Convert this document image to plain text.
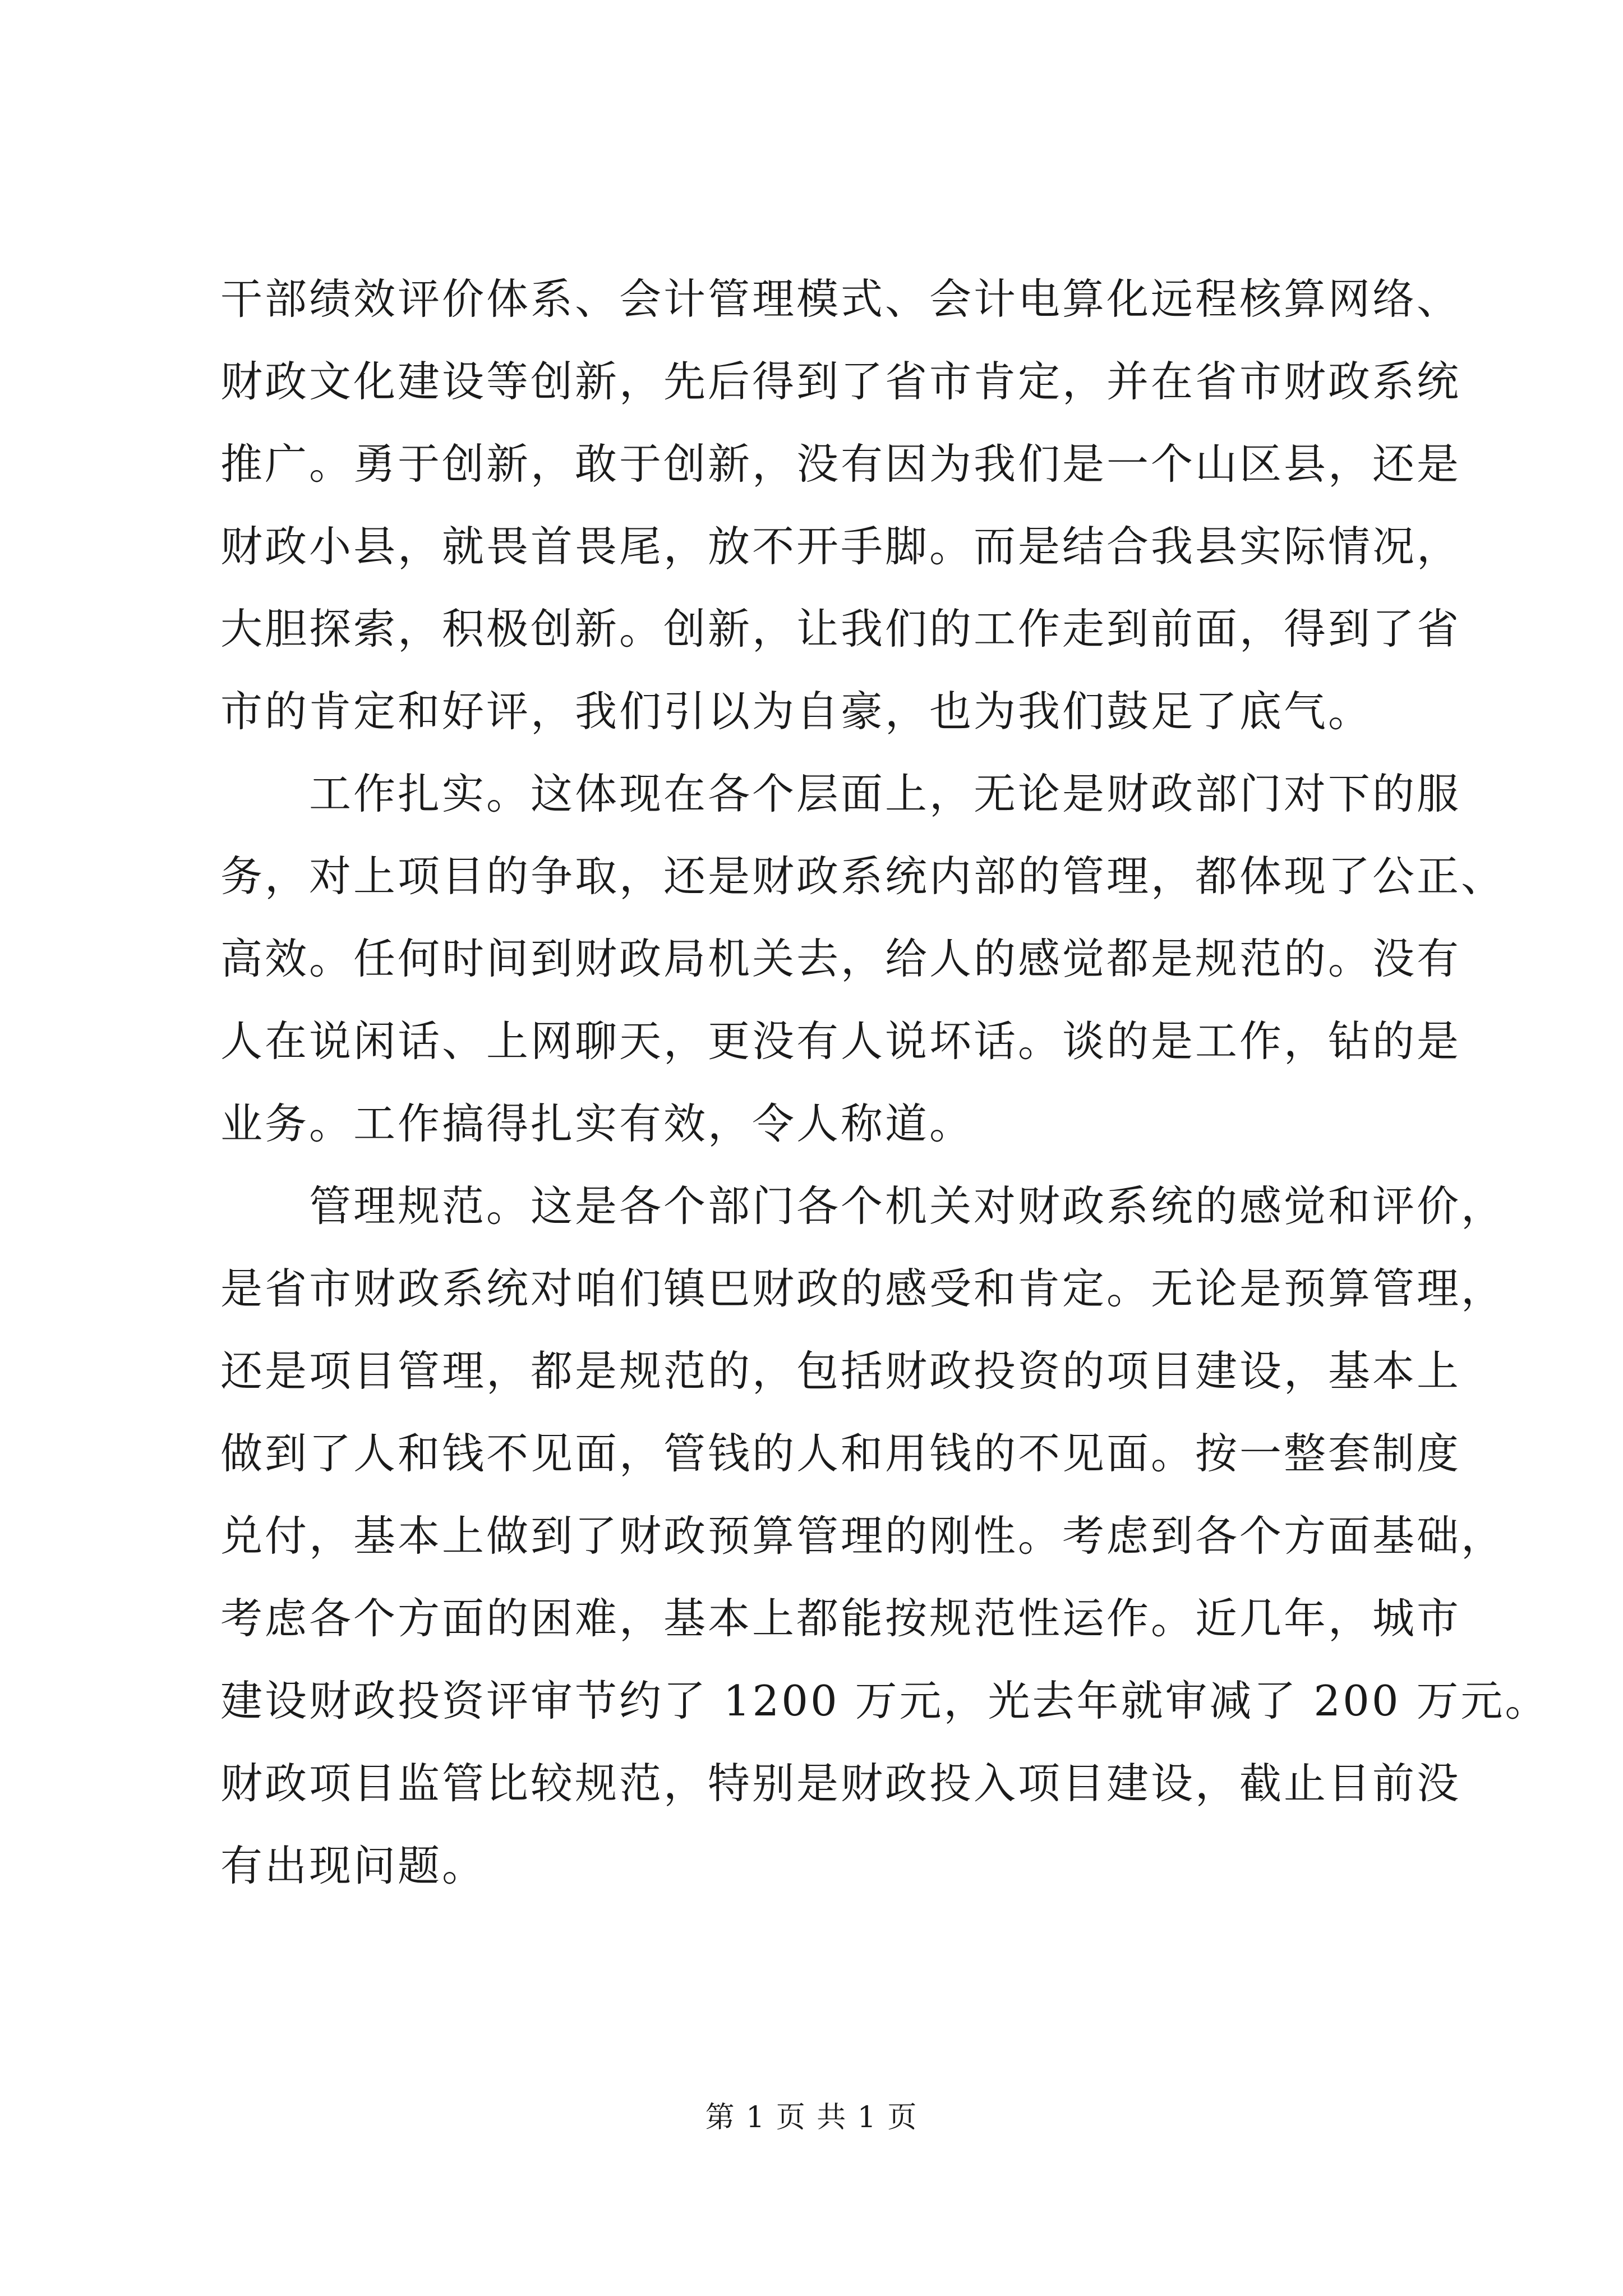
干部绩效评价体系、会计管理模式、会计电算化远程核算网络、
财政文化建设等创新，先后得到了省市肯定，并在省市财政系统
推广。勇于创新，敢于创新，没有因为我们是一个山区县，还是
财政小县，就畏首畏尾，放不开手脚。而是结合我县实际情况，
大胆探索，积极创新。创新，让我们的工作走到前面，得到了省
市的肯定和好评，我们引以为自豪，也为我们鼓足了底气。
　　工作扎实。这体现在各个层面上，无论是财政部门对下的服
务，对上项目的争取，还是财政系统内部的管理，都体现了公正、
高效。任何时间到财政局机关去，给人的感觉都是规范的。没有
人在说闲话、上网聊天，更没有人说坏话。谈的是工作，钻的是
业务。工作搞得扎实有效，令人称道。
　　管理规范。这是各个部门各个机关对财政系统的感觉和评价，
是省市财政系统对咱们镇巴财政的感受和肯定。无论是预算管理，
还是项目管理，都是规范的，包括财政投资的项目建设，基本上
做到了人和钱不见面，管钱的人和用钱的不见面。按一整套制度
兑付，基本上做到了财政预算管理的刚性。考虑到各个方面基础，
考虑各个方面的困难，基本上都能按规范性运作。近几年，城市
建设财政投资评审节约了 1200 万元，光去年就审减了 200 万元。
财政项目监管比较规范，特别是财政投入项目建设，截止目前没
有出现问题。
第 1 页 共 1 页
